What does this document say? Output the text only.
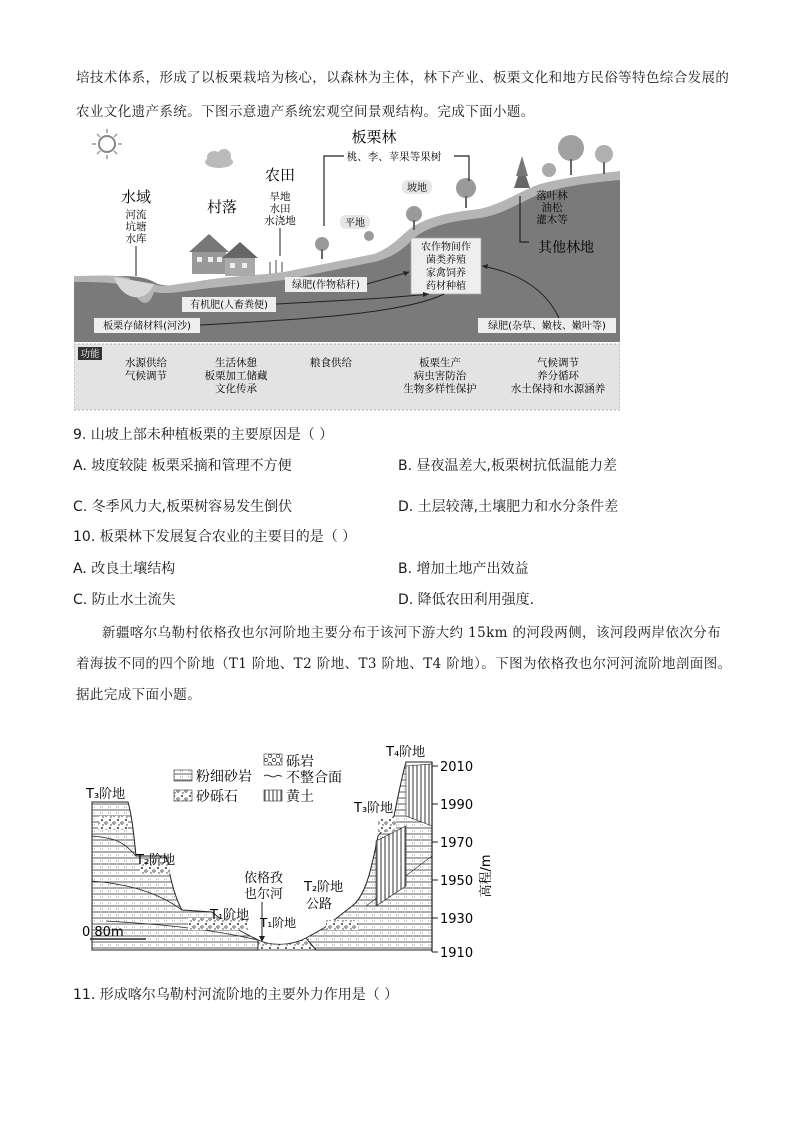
培技术体系，形成了以板栗栽培为核心，以森林为主体，林下产业、板栗文化和地方民俗等特色综合发展的
农业文化遗产系统。下图示意遗产系统宏观空间景观结构。完成下面小题。
板栗林
桃、李、苹果等果树
水域
河流
坑塘
水库
村落
农田
旱地
水田
水浇地	平地
坡地
落叶林
油松
灌木等
其他林地
农作物间作
菌类养殖
家禽饲养
药材种植
绿肥(作物秸秆)
有机肥(人畜粪便)
板栗存储材料(河沙)	绿肥(杂草、嫩枝、嫩叶等)
功能
水源供给
气候调节
生活休憩
板栗加工储藏
文化传承
粮食供给	板栗生产
病虫害防治
生物多样性保护
气候调节
养分循环
水土保持和水源涵养
9. 山坡上部未种植板栗的主要原因是（ ）
A. 坡度较陡 板栗采摘和管理不方便	B. 昼夜温差大,板栗树抗低温能力差
C. 冬季风力大,板栗树容易发生倒伏	D. 土层较薄,土壤肥力和水分条件差
10. 板栗林下发展复合农业的主要目的是（ ）
A. 改良土壤结构	B. 增加土地产出效益
C. 防止水土流失	D. 降低农田利用强度.
新疆喀尔乌勒村依格孜也尔河阶地主要分布于该河下游大约 15km 的河段两侧，该河段两岸依次分布
着海拔不同的四个阶地（T1 阶地、T2 阶地、T3 阶地、T4 阶地）。下图为依格孜也尔河河流阶地剖面图。
据此完成下面小题。
粉细砂岩
砂砾石
砾岩
不整合面
黄土
T₃阶地
T₂阶地
T₁阶地
依格孜
也尔河
T₁阶地
T₂阶地
公路
T₃阶地
T₄阶地
0 80m
2010
1990
1970
1950
1930
1910
高程/m
11. 形成喀尔乌勒村河流阶地的主要外力作用是（ ）
